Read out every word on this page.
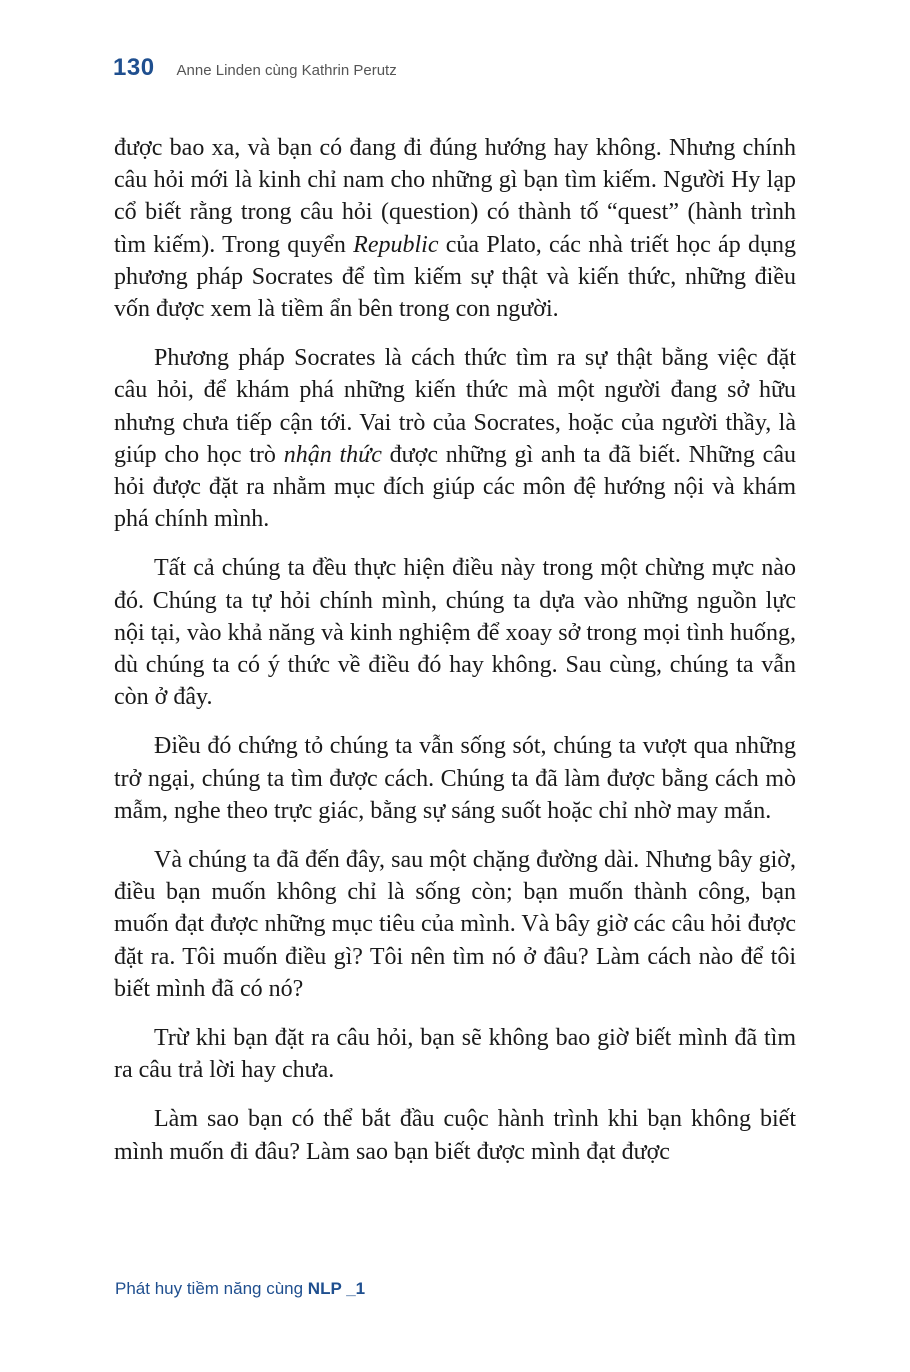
130 Anne Linden cùng Kathrin Perutz

được bao xa, và bạn có đang đi đúng hướng hay không. Nhưng chính câu hỏi mới là kinh chỉ nam cho những gì bạn tìm kiếm. Người Hy lạp cổ biết rằng trong câu hỏi (question) có thành tố “quest” (hành trình tìm kiếm). Trong quyển Republic của Plato, các nhà triết học áp dụng phương pháp Socrates để tìm kiếm sự thật và kiến thức, những điều vốn được xem là tiềm ẩn bên trong con người.

Phương pháp Socrates là cách thức tìm ra sự thật bằng việc đặt câu hỏi, để khám phá những kiến thức mà một người đang sở hữu nhưng chưa tiếp cận tới. Vai trò của Socrates, hoặc của người thầy, là giúp cho học trò nhận thức được những gì anh ta đã biết. Những câu hỏi được đặt ra nhằm mục đích giúp các môn đệ hướng nội và khám phá chính mình.

Tất cả chúng ta đều thực hiện điều này trong một chừng mực nào đó. Chúng ta tự hỏi chính mình, chúng ta dựa vào những nguồn lực nội tại, vào khả năng và kinh nghiệm để xoay sở trong mọi tình huống, dù chúng ta có ý thức về điều đó hay không. Sau cùng, chúng ta vẫn còn ở đây.

Điều đó chứng tỏ chúng ta vẫn sống sót, chúng ta vượt qua những trở ngại, chúng ta tìm được cách. Chúng ta đã làm được bằng cách mò mẫm, nghe theo trực giác, bằng sự sáng suốt hoặc chỉ nhờ may mắn.

Và chúng ta đã đến đây, sau một chặng đường dài. Nhưng bây giờ, điều bạn muốn không chỉ là sống còn; bạn muốn thành công, bạn muốn đạt được những mục tiêu của mình. Và bây giờ các câu hỏi được đặt ra. Tôi muốn điều gì? Tôi nên tìm nó ở đâu? Làm cách nào để tôi biết mình đã có nó?

Trừ khi bạn đặt ra câu hỏi, bạn sẽ không bao giờ biết mình đã tìm ra câu trả lời hay chưa.

Làm sao bạn có thể bắt đầu cuộc hành trình khi bạn không biết mình muốn đi đâu? Làm sao bạn biết được mình đạt được

Phát huy tiềm năng cùng NLP _1
